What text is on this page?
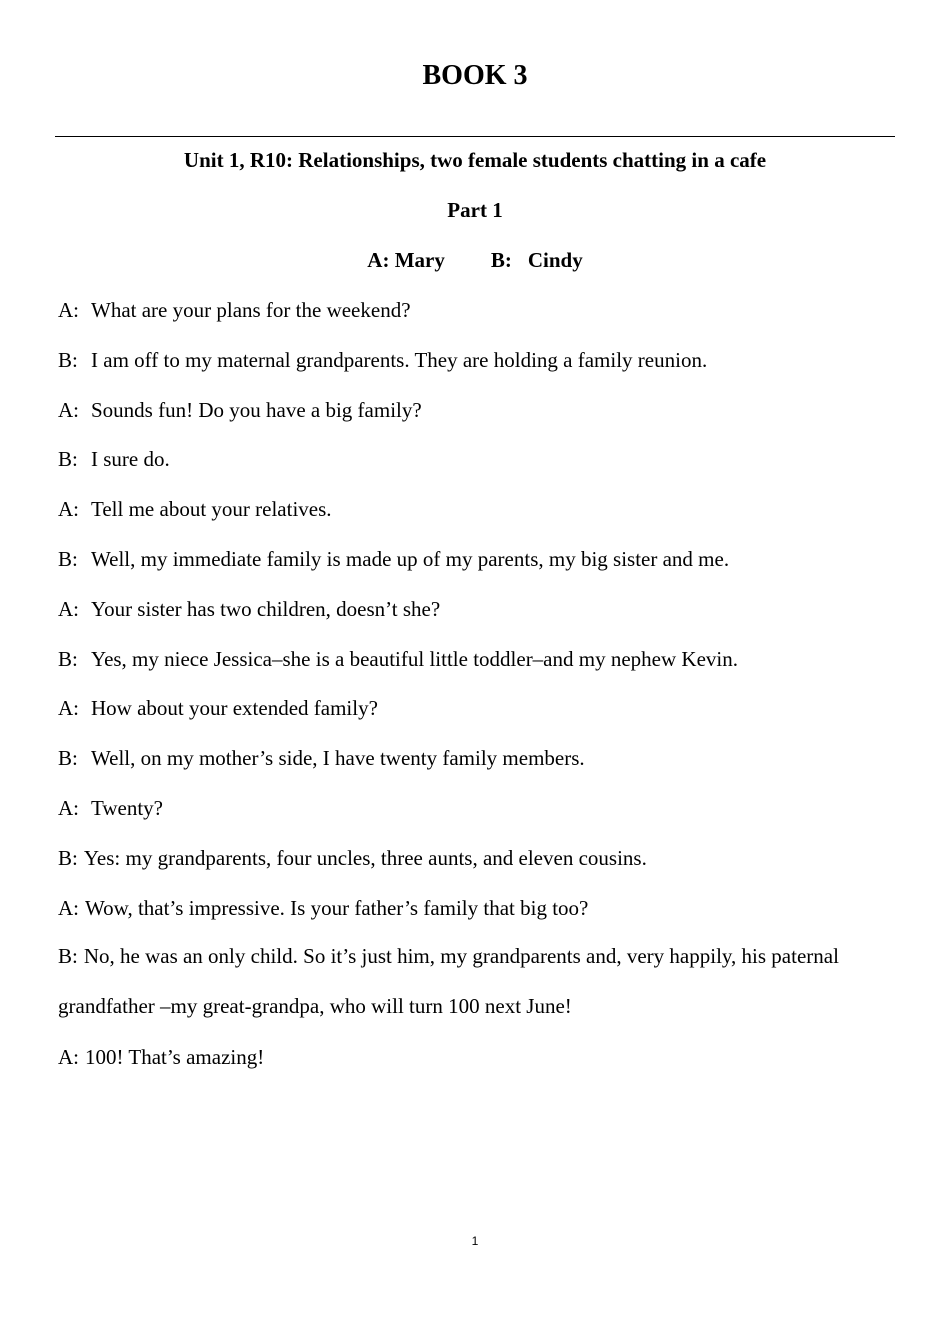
BOOK 3
Unit 1, R10: Relationships, two female students chatting in a cafe
Part 1
A: Mary B: Cindy
A: What are your plans for the weekend?
B: I am off to my maternal grandparents. They are holding a family reunion.
A: Sounds fun! Do you have a big family?
B: I sure do.
A: Tell me about your relatives.
B: Well, my immediate family is made up of my parents, my big sister and me.
A: Your sister has two children, doesn’t she?
B: Yes, my niece Jessica–she is a beautiful little toddler–and my nephew Kevin.
A: How about your extended family?
B: Well, on my mother’s side, I have twenty family members.
A: Twenty?
B: Yes: my grandparents, four uncles, three aunts, and eleven cousins.
A: Wow, that’s impressive. Is your father’s family that big too?
B: No, he was an only child. So it’s just him, my grandparents and, very happily, his paternal grandfather –my great-grandpa, who will turn 100 next June!
A: 100! That’s amazing!
1
